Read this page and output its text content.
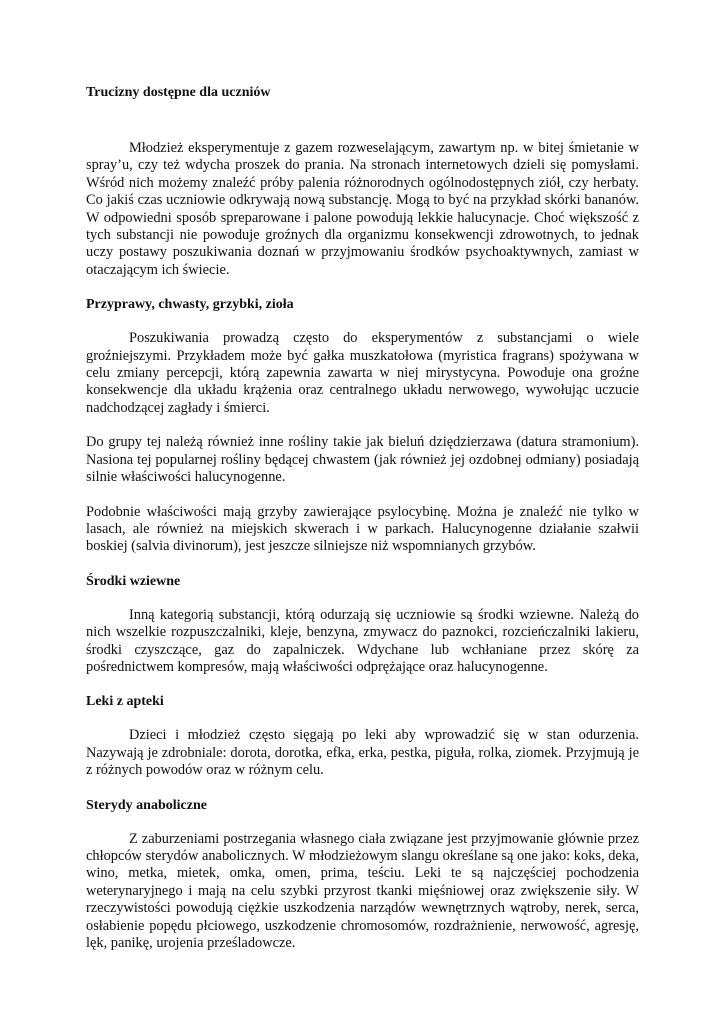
Trucizny dostępne dla uczniów

Młodzież eksperymentuje z gazem rozweselającym, zawartym np. w bitej śmietanie w spray’u, czy też wdycha proszek do prania. Na stronach internetowych dzieli się pomysłami. Wśród nich możemy znaleźć próby palenia różnorodnych ogólnodostępnych ziół, czy herbaty. Co jakiś czas uczniowie odkrywają nową substancję. Mogą to być na przykład skórki bananów. W odpowiedni sposób spreparowane i palone powodują lekkie halucynacje. Choć większość z tych substancji nie powoduje groźnych dla organizmu konsekwencji zdrowotnych, to jednak uczy postawy poszukiwania doznań w przyjmowaniu środków psychoaktywnych, zamiast w otaczającym ich świecie.

Przyprawy, chwasty, grzybki, zioła

Poszukiwania prowadzą często do eksperymentów z substancjami o wiele groźniejszymi. Przykładem może być gałka muszkatołowa (myristica fragrans) spożywana w celu zmiany percepcji, którą zapewnia zawarta w niej mirystycyna. Powoduje ona groźne konsekwencje dla układu krążenia oraz centralnego układu nerwowego, wywołując uczucie nadchodzącej zagłady i śmierci.

Do grupy tej należą również inne rośliny takie jak bieluń dziędzierzawa (datura stramonium). Nasiona tej popularnej rośliny będącej chwastem (jak również jej ozdobnej odmiany) posiadają silnie właściwości halucynogenne.

Podobnie właściwości mają grzyby zawierające psylocybinę. Można je znaleźć nie tylko w lasach, ale również na miejskich skwerach i w parkach. Halucynogenne działanie szałwii boskiej (salvia divinorum), jest jeszcze silniejsze niż wspomnianych grzybów.

Środki wziewne

Inną kategorią substancji, którą odurzają się uczniowie są środki wziewne. Należą do nich wszelkie rozpuszczalniki, kleje, benzyna, zmywacz do paznokci, rozcieńczalniki lakieru, środki czyszczące, gaz do zapalniczek. Wdychane lub wchłaniane przez skórę za pośrednictwem kompresów, mają właściwości odprężające oraz halucynogenne.

Leki z apteki

Dzieci i młodzież często sięgają po leki aby wprowadzić się w stan odurzenia. Nazywają je zdrobniale: dorota, dorotka, efka, erka, pestka, piguła, rolka, ziomek. Przyjmują je z różnych powodów oraz w różnym celu.

Sterydy anaboliczne

Z zaburzeniami postrzegania własnego ciała związane jest przyjmowanie głównie przez chłopców sterydów anabolicznych. W młodzieżowym slangu określane są one jako: koks, deka, wino, metka, mietek, omka, omen, prima, teściu. Leki te są najczęściej pochodzenia weterynaryjnego i mają na celu szybki przyrost tkanki mięśniowej oraz zwiększenie siły. W rzeczywistości powodują ciężkie uszkodzenia narządów wewnętrznych wątroby, nerek, serca, osłabienie popędu płciowego, uszkodzenie chromosomów, rozdrażnienie, nerwowość, agresję, lęk, panikę, urojenia prześladowcze.
